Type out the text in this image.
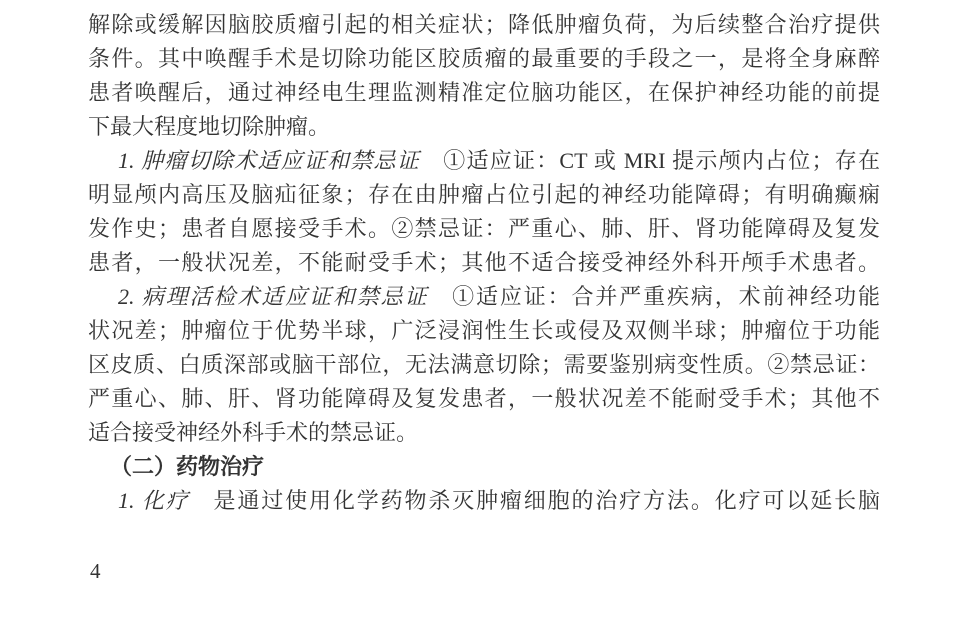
解除或缓解因脑胶质瘤引起的相关症状；降低肿瘤负荷，为后续整合治疗提供
条件。其中唤醒手术是切除功能区胶质瘤的最重要的手段之一，是将全身麻醉
患者唤醒后，通过神经电生理监测精准定位脑功能区，在保护神经功能的前提
下最大程度地切除肿瘤。
1. 肿瘤切除术适应证和禁忌证　①适应证：CT 或 MRI 提示颅内占位；存在
明显颅内高压及脑疝征象；存在由肿瘤占位引起的神经功能障碍；有明确癫痫
发作史；患者自愿接受手术。②禁忌证：严重心、肺、肝、肾功能障碍及复发
患者，一般状况差，不能耐受手术；其他不适合接受神经外科开颅手术患者。
2. 病理活检术适应证和禁忌证　①适应证：合并严重疾病，术前神经功能
状况差；肿瘤位于优势半球，广泛浸润性生长或侵及双侧半球；肿瘤位于功能
区皮质、白质深部或脑干部位，无法满意切除；需要鉴别病变性质。②禁忌证：
严重心、肺、肝、肾功能障碍及复发患者，一般状况差不能耐受手术；其他不
适合接受神经外科手术的禁忌证。
（二）药物治疗
1. 化疗　是通过使用化学药物杀灭肿瘤细胞的治疗方法。化疗可以延长脑
4
